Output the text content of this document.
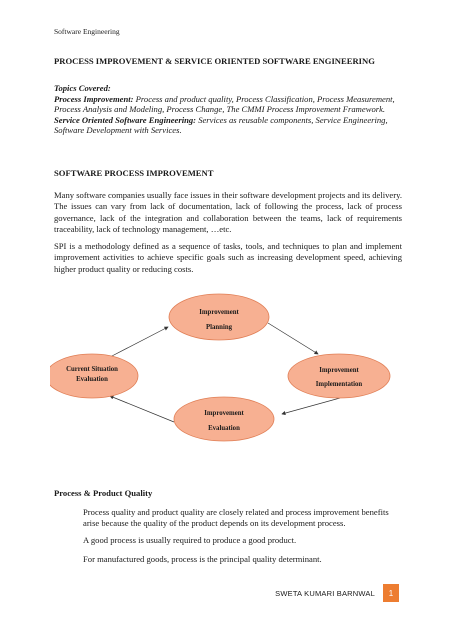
Software Engineering
PROCESS IMPROVEMENT & SERVICE ORIENTED SOFTWARE ENGINEERING
Topics Covered:
Process Improvement: Process and product quality, Process Classification, Process Measurement, Process Analysis and Modeling, Process Change, The CMMI Process Improvement Framework.
Service Oriented Software Engineering: Services as reusable components, Service Engineering, Software Development with Services.
SOFTWARE PROCESS IMPROVEMENT
Many software companies usually face issues in their software development projects and its delivery. The issues can vary from lack of documentation, lack of following the process, lack of process governance, lack of the integration and collaboration between the teams, lack of requirements traceability, lack of technology management, …etc.
SPI is a methodology defined as a sequence of tasks, tools, and techniques to plan and implement improvement activities to achieve specific goals such as increasing development speed, achieving higher product quality or reducing costs.
Improvement
Planning
Current Situation
Evaluation
Improvement
Implementation
Improvement
Evaluation
Process & Product Quality
Process quality and product quality are closely related and process improvement benefits arise because the quality of the product depends on its development process.
A good process is usually required to produce a good product.
For manufactured goods, process is the principal quality determinant.
SWETA KUMARI BARNWAL	1
